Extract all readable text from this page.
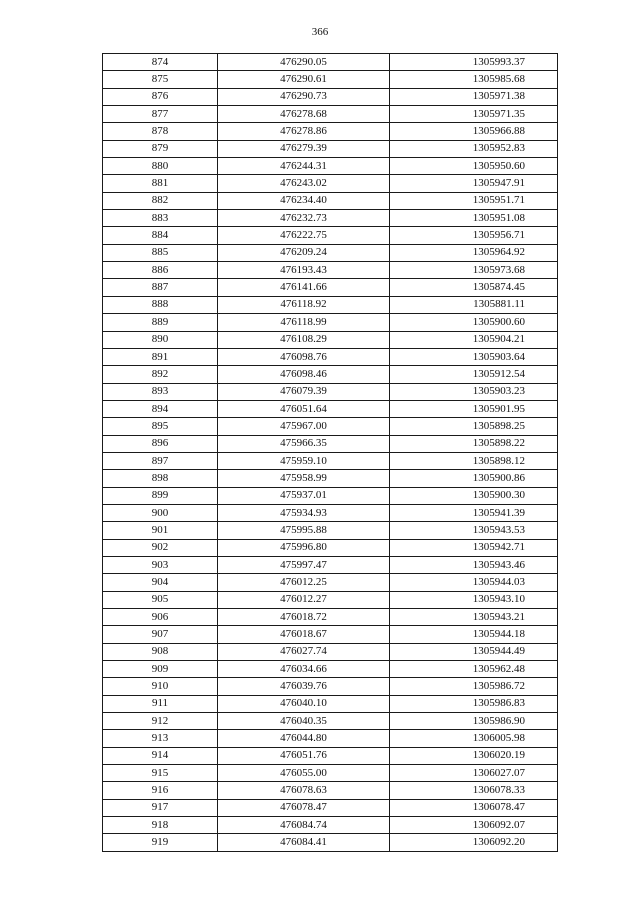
366
874	476290.05	1305993.37
875	476290.61	1305985.68
876	476290.73	1305971.38
877	476278.68	1305971.35
878	476278.86	1305966.88
879	476279.39	1305952.83
880	476244.31	1305950.60
881	476243.02	1305947.91
882	476234.40	1305951.71
883	476232.73	1305951.08
884	476222.75	1305956.71
885	476209.24	1305964.92
886	476193.43	1305973.68
887	476141.66	1305874.45
888	476118.92	1305881.11
889	476118.99	1305900.60
890	476108.29	1305904.21
891	476098.76	1305903.64
892	476098.46	1305912.54
893	476079.39	1305903.23
894	476051.64	1305901.95
895	475967.00	1305898.25
896	475966.35	1305898.22
897	475959.10	1305898.12
898	475958.99	1305900.86
899	475937.01	1305900.30
900	475934.93	1305941.39
901	475995.88	1305943.53
902	475996.80	1305942.71
903	475997.47	1305943.46
904	476012.25	1305944.03
905	476012.27	1305943.10
906	476018.72	1305943.21
907	476018.67	1305944.18
908	476027.74	1305944.49
909	476034.66	1305962.48
910	476039.76	1305986.72
911	476040.10	1305986.83
912	476040.35	1305986.90
913	476044.80	1306005.98
914	476051.76	1306020.19
915	476055.00	1306027.07
916	476078.63	1306078.33
917	476078.47	1306078.47
918	476084.74	1306092.07
919	476084.41	1306092.20
